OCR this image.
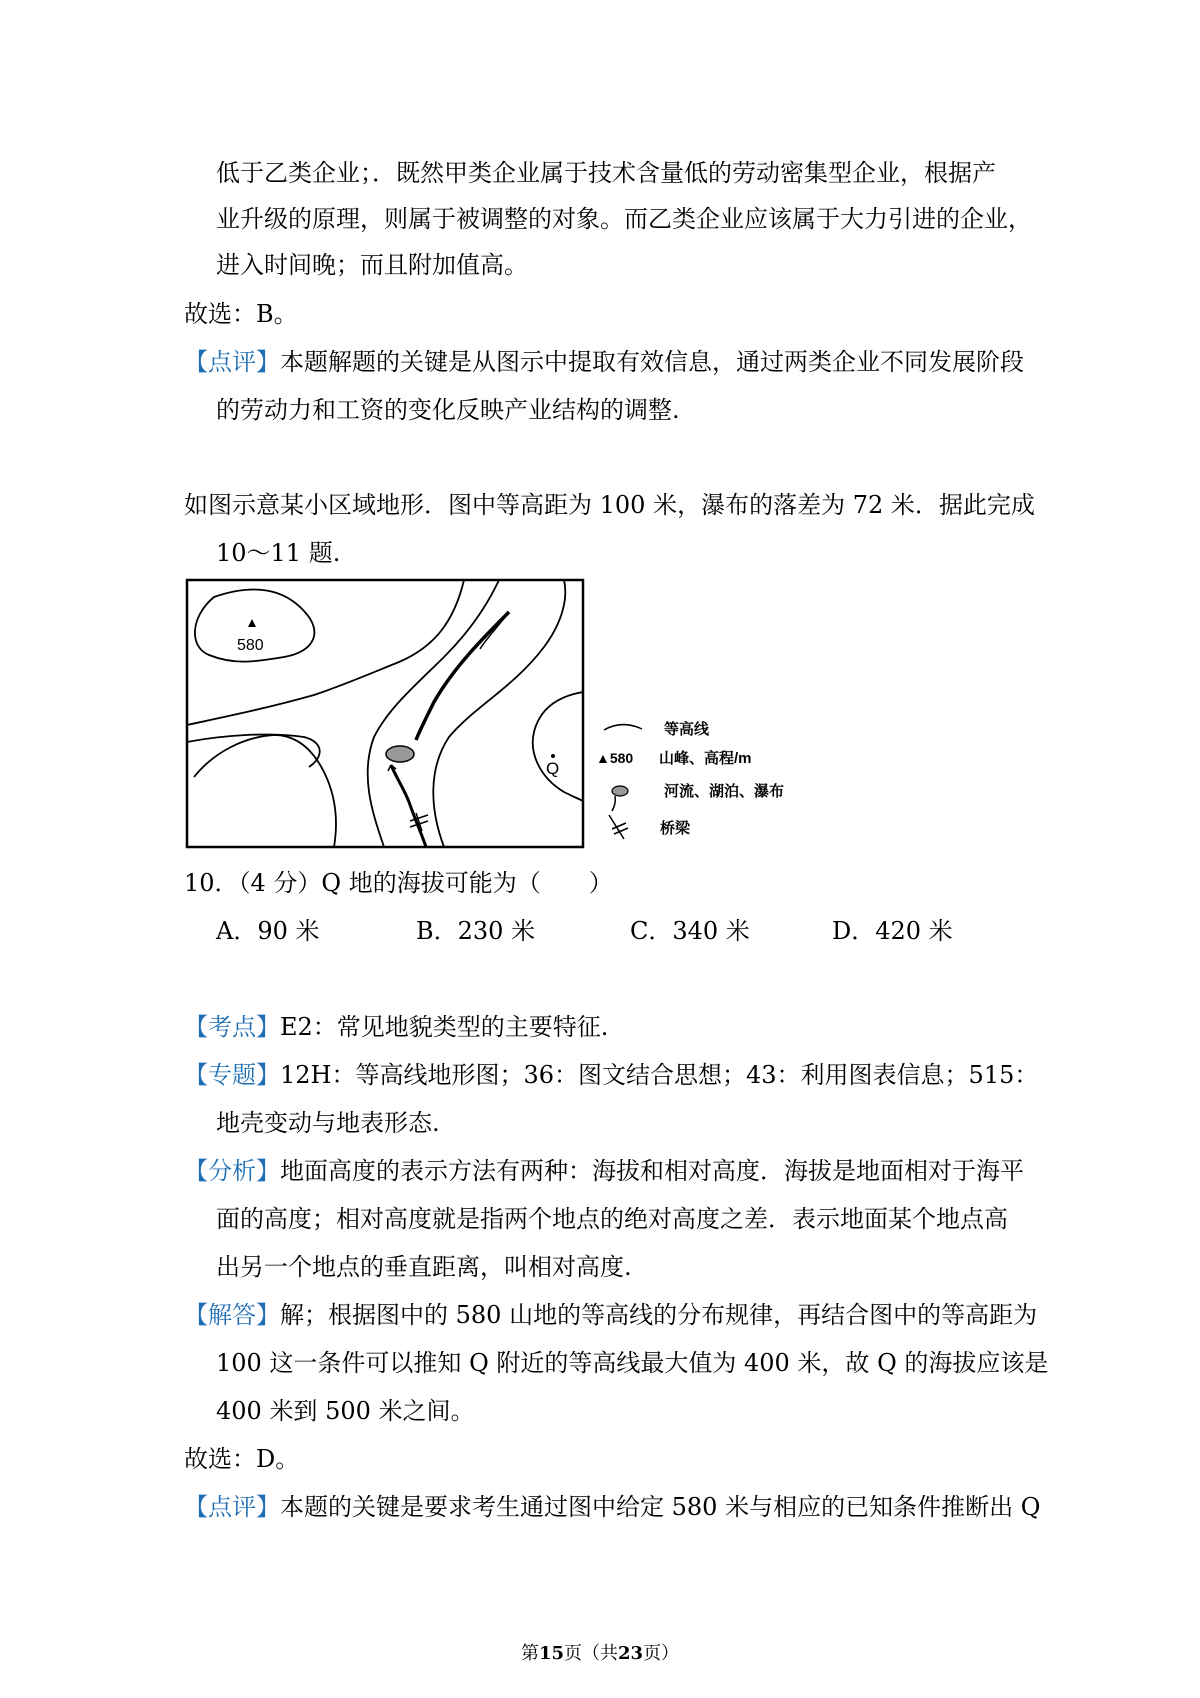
低于乙类企业；．既然甲类企业属于技术含量低的劳动密集型企业，根据产
业升级的原理，则属于被调整的对象。而乙类企业应该属于大力引进的企业，
进入时间晚；而且附加值高。
故选：B。
【点评】本题解题的关键是从图示中提取有效信息，通过两类企业不同发展阶段
的劳动力和工资的变化反映产业结构的调整.
如图示意某小区域地形．图中等高距为 100 米，瀑布的落差为 72 米．据此完成
10～11 题.
580
Q
等高线
▲580 山峰、高程/m
河流、湖泊、瀑布
桥梁
10．（4 分）Q 地的海拔可能为（　　）
A．90 米	B．230 米	C．340 米	D．420 米
【考点】E2：常见地貌类型的主要特征.
【专题】12H：等高线地形图；36：图文结合思想；43：利用图表信息；515：
地壳变动与地表形态.
【分析】地面高度的表示方法有两种：海拔和相对高度．海拔是地面相对于海平
面的高度；相对高度就是指两个地点的绝对高度之差．表示地面某个地点高
出另一个地点的垂直距离，叫相对高度.
【解答】解；根据图中的 580 山地的等高线的分布规律，再结合图中的等高距为
100 这一条件可以推知 Q 附近的等高线最大值为 400 米，故 Q 的海拔应该是
400 米到 500 米之间。
故选：D。
【点评】本题的关键是要求考生通过图中给定 580 米与相应的已知条件推断出 Q
第15页（共23页）
